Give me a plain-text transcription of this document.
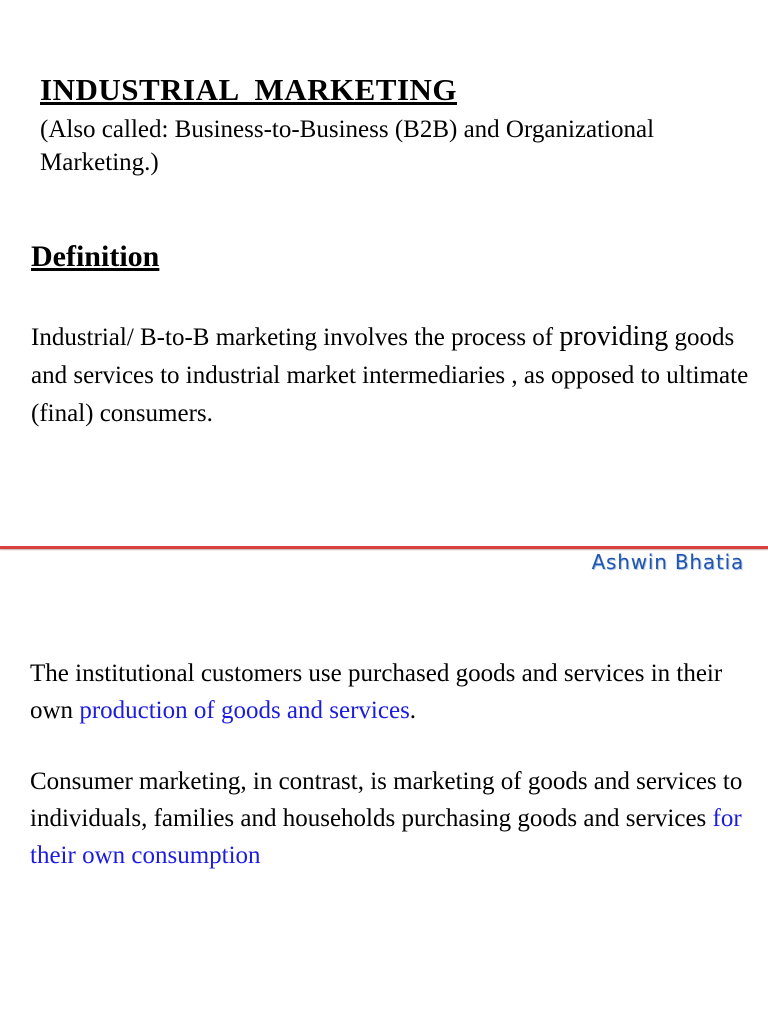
INDUSTRIAL  MARKETING

(Also called: Business-to-Business (B2B) and Organizational Marketing.)

Definition

Industrial/ B-to-B marketing involves the process of providing goods and services to industrial market intermediaries , as opposed to ultimate (final) consumers.

Ashwin Bhatia

The institutional customers use purchased goods and services in their own production of goods and services.

Consumer marketing, in contrast, is marketing of goods and services to individuals, families and households purchasing goods and services for their own consumption
